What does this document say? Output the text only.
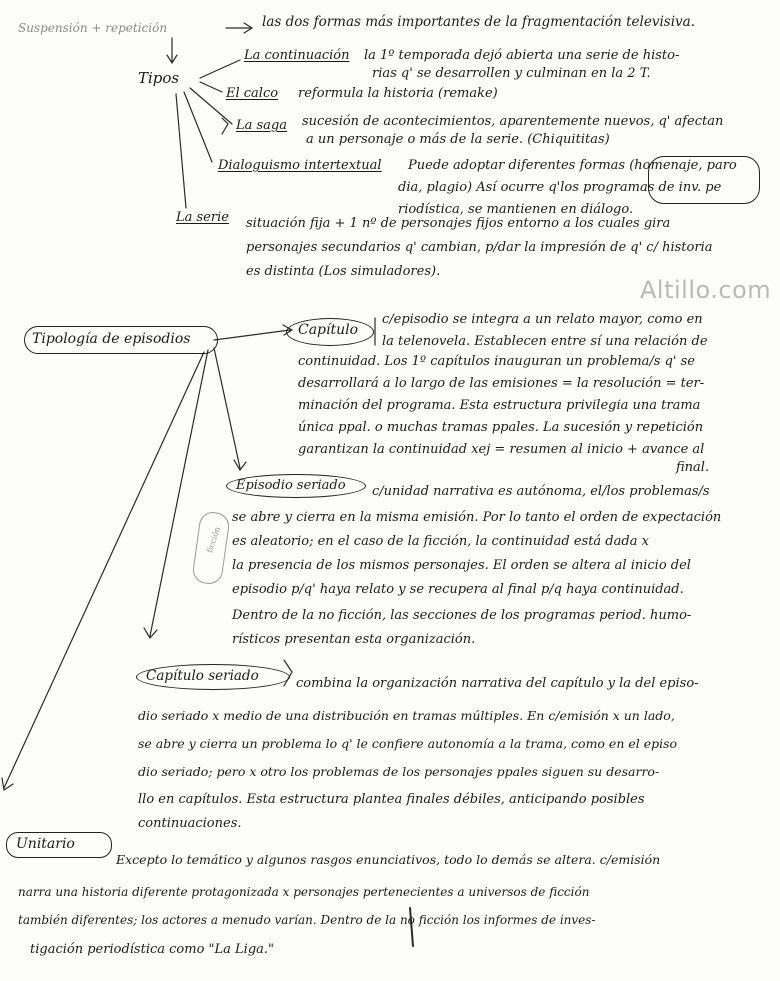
ficción
Altillo.com
Suspensión + repetición	las dos formas más importantes de la fragmentación televisiva.
Tipos
La continuación la 1º temporada dejó abierta una serie de histo-
rias q' se desarrollen y culminan en la 2 T.
El calco reformula la historia (remake)
La saga sucesión de acontecimientos, aparentemente nuevos, q' afectan
a un personaje o más de la serie. (Chiquititas)
Dialoguismo intertextual Puede adoptar diferentes formas (homenaje, paro
dia, plagio) Así ocurre q'los programas de inv. pe
riodística, se mantienen en diálogo.
La serie situación fija + 1 nº de personajes fijos entorno a los cuales gira
personajes secundarios q' cambian, p/dar la impresión de q' c/ historia
es distinta (Los simuladores).
Tipología de episodios
Capítulo
c/episodio se integra a un relato mayor, como en
la telenovela. Establecen entre sí una relación de
continuidad. Los 1º capítulos inauguran un problema/s q' se
desarrollará a lo largo de las emisiones = la resolución = ter-
minación del programa. Esta estructura privilegia una trama
única ppal. o muchas tramas ppales. La sucesión y repetición
garantizan la continuidad xej = resumen al inicio + avance al
final.
Episodio seriado c/unidad narrativa es autónoma, el/los problemas/s
se abre y cierra en la misma emisión. Por lo tanto el orden de expectación
es aleatorio; en el caso de la ficción, la continuidad está dada x
la presencia de los mismos personajes. El orden se altera al inicio del
episodio p/q' haya relato y se recupera al final p/q haya continuidad.
Dentro de la no ficción, las secciones de los programas period. humo-
rísticos presentan esta organización.
Capítulo seriado	combina la organización narrativa del capítulo y la del episo-
dio seriado x medio de una distribución en tramas múltiples. En c/emisión x un lado,
se abre y cierra un problema lo q' le confiere autonomía a la trama, como en el episo
dio seriado; pero x otro los problemas de los personajes ppales siguen su desarro-
llo en capítulos. Esta estructura plantea finales débiles, anticipando posibles
continuaciones.
Unitario
Excepto lo temático y algunos rasgos enunciativos, todo lo demás se altera. c/emisión
narra una historia diferente protagonizada x personajes pertenecientes a universos de ficción
también diferentes; los actores a menudo varían. Dentro de la no ficción los informes de inves-
tigación periodística como "La Liga."
